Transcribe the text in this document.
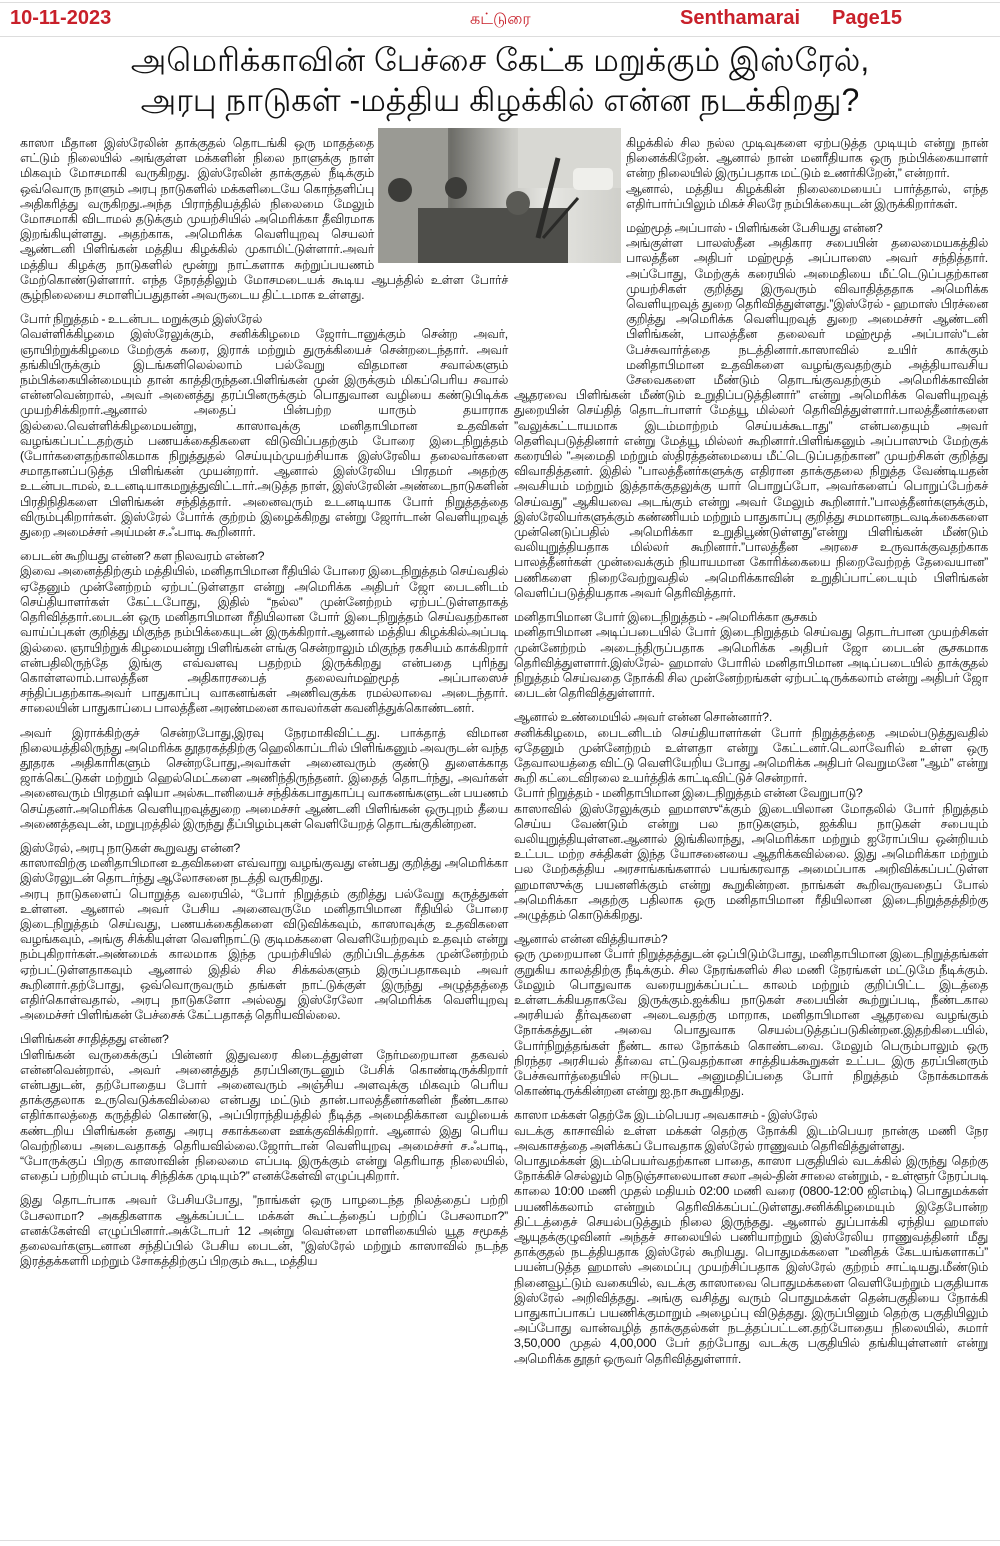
10-11-2023	கட்டுரை	Senthamarai Page15
அமெரிக்காவின் பேச்சை கேட்க மறுக்கும் இஸ்ரேல்,
அரபு நாடுகள் -மத்திய கிழக்கில் என்ன நடக்கிறது?

காஸா மீதான இஸ்ரேலின் தாக்குதல் தொடங்கி ஒரு மாதத்தை எட்டும் நிலையில் அங்குள்ள மக்களின் நிலை நாளுக்கு நாள் மிகவும் மோசமாகி வருகிறது. இஸ்ரேலின் தாக்குதல் நீடிக்கும் ஒவ்வொரு நாளும் அரபு நாடுகளில் மக்களிடையே கொந்தளிப்பு அதிகரித்து வருகிறது.அந்த பிராந்தியத்தில் நிலைமை மேலும் மோசமாகி விடாமல் தடுக்கும் முயற்சியில் அமெரிக்கா தீவிரமாக இறங்கியுள்ளது. அதற்காக, அமெரிக்க வெளியுறவு செயலர் ஆண்டனி பிளிங்கன் மத்திய கிழக்கில் முகாமிட்டுள்ளார்.அவர் மத்திய கிழக்கு நாடுகளில் மூன்று நாட்களாக சுற்றுப்பயணம் மேற்கொண்டுள்ளார். எந்த நேரத்திலும் மோசமடையக் கூடிய ஆபத்தில் உள்ள போர்ச் சூழ்நிலையை சமாளிப்பதுதான் அவருடைய திட்டமாக உள்ளது.

போர் நிறுத்தம் - உடன்பட மறுக்கும் இஸ்ரேல்

வெள்ளிக்கிழமை இஸ்ரேலுக்கும், சனிக்கிழமை ஜோர்டானுக்கும் சென்ற அவர், ஞாயிற்றுக்கிழமை மேற்குக் கரை, இராக் மற்றும் துருக்கியைச் சென்றடைந்தார். அவர் தங்கியிருக்கும் இடங்களிலெல்லாம் பல்வேறு விதமான சவால்களும் நம்பிக்கையின்மையும் தான் காத்திருந்தன.பிளிங்கன் முன் இருக்கும் மிகப்பெரிய சவால் என்னவென்றால், அவர் அனைத்து தரப்பினருக்கும் பொதுவான வழியை கண்டுபிடிக்க முயற்சிக்கிறார்.ஆனால் அதைப் பின்பற்ற யாரும் தயாராக இல்லை.வெள்ளிக்கிழமையன்று, காஸாவுக்கு மனிதாபிமான உதவிகள் வழங்கப்பட்டதற்கும் பணயக்கைதிகளை விடுவிப்பதற்கும் போரை இடைநிறுத்தம் (போர்களைதற்காலிகமாக நிறுத்துதல் செய்யும்முயற்சியாக இஸ்ரேலிய தலைவர்களை சமாதானப்படுத்த பிளிங்கன் முயன்றார். ஆனால் இஸ்ரேலிய பிரதமர் அதற்கு உடன்படாமல், உடனடியாகமறுத்துவிட்டார்.அடுத்த நாள், இஸ்ரேலின் அண்டைநாடுகளின் பிரதிநிதிகளை பிளிங்கன் சந்தித்தார். அனைவரும் உடனடியாக போர் நிறுத்தத்தை விரும்புகிறார்கள். இஸ்ரேல் போர்க் குற்றம் இழைக்கிறது என்று ஜோர்டான் வெளியுறவுத் துறை அமைச்சர் அய்மன் ச.ஃபாடி கூறினார்.

பைடன் கூறியது என்ன? கள நிலவரம் என்ன?

இவை அனைத்திற்கும் மத்தியில், மனிதாபிமான ரீதியில் போரை இடைநிறுத்தம் செய்வதில் ஏதேனும் முன்னேற்றம் ஏற்பட்டுள்ளதா என்று அமெரிக்க அதிபர் ஜோ பைடனிடம் செய்தியாளர்கள் கேட்டபோது, இதில் “நல்ல” முன்னேற்றம் ஏற்பட்டுள்ளதாகத் தெரிவித்தார்.பைடன் ஒரு மனிதாபிமான ரீதியிலான போர் இடைநிறுத்தம் செய்வதற்கான வாய்ப்புகள் குறித்து மிகுந்த நம்பிக்கையுடன் இருக்கிறார்.ஆனால் மத்திய கிழக்கில்அப்படி இல்லை. ஞாயிற்றுக் கிழமையன்று பிளிங்கன் எங்கு சென்றாலும் மிகுந்த ரகசியம் காக்கிறார் என்பதிலிருந்தே இங்கு எவ்வளவு பதற்றம் இருக்கிறது என்பதை புரிந்து கொள்ளலாம்.பாலத்தீன அதிகாரசபைத் தலைவர்மஹ்மூத் அப்பாஸைச் சந்திப்பதற்காகஅவர் பாதுகாப்பு வாகனங்கள் அணிவகுக்க ரமல்லாவை அடைந்தார். சாலையின் பாதுகாப்பை பாலத்தீன அரண்மனை காவலர்கள் கவனித்துக்கொண்டனர்.

அவர் இராக்கிற்குச் சென்றபோது,இரவு நேரமாகிவிட்டது. பாக்தாத் விமான நிலையத்திலிருந்து அமெரிக்க தூதரகத்திற்கு ஹெலிகாப்டரில் பிளிங்கனும் அவருடன் வந்த தூதரக அதிகாரிகளும் சென்றபோது,அவர்கள் அனைவரும் குண்டு துளைக்காத ஜாக்கெட்டுகள் மற்றும் ஹெல்மெட்களை அணிந்திருந்தனர். இதைத் தொடர்ந்து, அவர்கள் அனைவரும் பிரதமர் ஷியா அல்சுடானியைச் சந்திக்கபாதுகாப்பு வாகனங்களுடன் பயணம் செய்தனர்.அமெரிக்க வெளியுறவுத்துறை அமைச்சர் ஆண்டனி பிளிங்கன் ஒருபுறம் தீயை அணைத்தவுடன், மறுபுறத்தில் இருந்து தீப்பிழம்புகள் வெளியேறத் தொடங்குகின்றன.

இஸ்ரேல், அரபு நாடுகள் கூறுவது என்ன?

காஸாவிற்கு மனிதாபிமான உதவிகளை எவ்வாறு வழங்குவது என்பது குறித்து அமெரிக்கா இஸ்ரேலுடன் தொடர்ந்து ஆலோசனை நடத்தி வருகிறது.

அரபு நாடுகளைப் பொறுத்த வரையில், “போர் நிறுத்தம் குறித்து பல்வேறு கருத்துகள் உள்ளன. ஆனால் அவர் பேசிய அனைவருமே மனிதாபிமான ரீதியில் போரை இடைநிறுத்தம் செய்வது, பணயக்கைதிகளை விடுவிக்கவும், காஸாவுக்கு உதவிகளை வழங்கவும், அங்கு சிக்கியுள்ள வெளிநாட்டு குடிமக்களை வெளியேற்றவும் உதவும் என்று நம்புகிறார்கள்.அண்மைக் காலமாக இந்த முயற்சியில் குறிப்பிடத்தக்க முன்னேற்றம் ஏற்பட்டுள்ளதாகவும் ஆனால் இதில் சில சிக்கல்களும் இருப்பதாகவும் அவர் கூறினார்.தற்போது, ஒவ்வொருவரும் தங்கள் நாட்டுக்குள் இருந்து அழுத்தத்தை எதிர்கொள்வதால், அரபு நாடுகளோ அல்லது இஸ்ரேலோ அமெரிக்க வெளியுறவு அமைச்சர் பிளிங்கன் பேச்சைக் கேட்பதாகத் தெரியவில்லை.

பிளிங்கன் சாதித்தது என்ன?

பிளிங்கன் வருகைக்குப் பின்னர் இதுவரை கிடைத்துள்ள நேர்மறையான தகவல் என்னவென்றால், அவர் அனைத்துத் தரப்பினருடனும் பேசிக் கொண்டிருக்கிறார் என்பதுடன், தற்போதைய போர் அனைவரும் அஞ்சிய அளவுக்கு மிகவும் பெரிய தாக்குதலாக உருவெடுக்கவில்லை என்பது மட்டும் தான்.பாலத்தீனர்களின் நீண்டகால எதிர்காலத்தை கருத்தில் கொண்டு, அப்பிராந்தியத்தில் நீடித்த அமைதிக்கான வழியைக் கண்டறிய பிளிங்கன் தனது அரபு சகாக்களை ஊக்குவிக்கிறார். ஆனால் இது பெரிய வெற்றியை அடைவதாகத் தெரியவில்லை.ஜோர்டான் வெளியுறவு அமைச்சர் ச.ஃபாடி, “போருக்குப் பிறகு காஸாவின் நிலைமை எப்படி இருக்கும் என்று தெரியாத நிலையில், எதைப் பற்றியும் எப்படி சிந்திக்க முடியும்?” எனக்கேள்வி எழுப்புகிறார்.

இது தொடர்பாக அவர் பேசியபோது, ”நாங்கள் ஒரு பாழடைந்த நிலத்தைப் பற்றி பேசலாமா? அகதிகளாக ஆக்கப்பட்ட மக்கள் கூட்டத்தைப் பற்றிப் பேசலாமா?” எனக்கேள்வி எழுப்பினார்.அக்டோபர் 12 அன்று வெள்ளை மாளிகையில் யூத சமூகத் தலைவர்களுடனான சந்திப்பில் பேசிய பைடன், ”இஸ்ரேல் மற்றும் காஸாவில் நடந்த இரத்தக்களரி மற்றும் சோகத்திற்குப் பிறகும் கூட, மத்திய

கிழக்கில் சில நல்ல முடிவுகளை ஏற்படுத்த முடியும் என்று நான் நினைக்கிறேன். ஆனால் நான் மனரீதியாக ஒரு நம்பிக்கையாளர் என்ற நிலையில் இருப்பதாக மட்டும் உணர்கிறேன்,” என்றார்.

ஆனால், மத்திய கிழக்கின் நிலைமையைப் பார்த்தால், எந்த எதிர்பார்ப்பிலும் மிகச் சிலரே நம்பிக்கையுடன் இருக்கிறார்கள்.

மஹ்மூத் அப்பாஸ் - பிளிங்கன் பேசியது என்ன?

அங்குள்ள பாலஸ்தீன அதிகார சபையின் தலைமையகத்தில் பாலத்தீன அதிபர் மஹ்மூத் அப்பாஸை அவர் சந்தித்தார். அப்போது, மேற்குக் கரையில் அமைதியை மீட்டெடுப்பதற்கான முயற்சிகள் குறித்து இருவரும் விவாதித்ததாக அமெரிக்க வெளியுறவுத் துறை தெரிவித்துள்ளது.”இஸ்ரேல் - ஹமாஸ் பிரச்னை குறித்து அமெரிக்க வெளியுறவுத் துறை அமைச்சர் ஆண்டனி பிளிங்கன், பாலத்தீன தலைவர் மஹ்மூத் அப்பாஸ்“டன் பேச்சுவார்த்தை நடத்தினார்.காஸாவில் உயிர் காக்கும் மனிதாபிமான உதவிகளை வழங்குவதற்கும் அத்தியாவசிய சேவைகளை மீண்டும் தொடங்குவதற்கும் அமெரிக்காவின் ஆதரவை பிளிங்கன் மீண்டும் உறுதிப்படுத்தினார்” என்று அமெரிக்க வெளியுறவுத் துறையின் செய்தித் தொடர்பாளர் மேத்யூ மில்லர் தெரிவித்துள்ளார்.பாலத்தீனர்களை ”வலுக்கட்டாயமாக இடம்மாற்றம் செய்யக்கூடாது” என்பதையும் அவர் தெளிவுபடுத்தினார் என்று மேத்யூ மில்லர் கூறினார்.பிளிங்கனும் அப்பாஸும் மேற்குக் கரையில் ”அமைதி மற்றும் ஸ்திரத்தன்மையை மீட்டெடுப்பதற்கான” முயற்சிகள் குறித்து விவாதித்தனர். இதில் ”பாலத்தீனர்களுக்கு எதிரான தாக்குதலை நிறுத்த வேண்டியதன் அவசியம் மற்றும் இத்தாக்குதலுக்கு யார் பொறுப்போ, அவர்களைப் பொறுப்பேற்கச் செய்வது” ஆகியவை அடங்கும் என்று அவர் மேலும் கூறினார்.”பாலத்தீனர்களுக்கும், இஸ்ரேலியர்களுக்கும் கண்ணியம் மற்றும் பாதுகாப்பு குறித்து சமமானநடவடிக்கைகளை முன்னெடுப்பதில் அமெரிக்கா உறுதிபூண்டுள்ளது”என்று பிளிங்கன் மீண்டும் வலியுறுத்தியதாக மில்லர் கூறினார்.”பாலத்தீன அரசை உருவாக்குவதற்காக பாலத்தீனர்கள் முன்வைக்கும் நியாயமான கோரிக்கையை நிறைவேற்றத் தேவையான” பணிகளை நிறைவேற்றுவதில் அமெரிக்காவின் உறுதிப்பாட்டையும் பிளிங்கன் வெளிப்படுத்தியதாக அவர் தெரிவித்தார்.

மனிதாபிமான போர் இடைநிறுத்தம் - அமெரிக்கா சூசகம்

மனிதாபிமான அடிப்படையில் போர் இடைநிறுத்தம் செய்வது தொடர்பான முயற்சிகள் முன்னேற்றம் அடைந்திருப்பதாக அமெரிக்க அதிபர் ஜோ பைடன் சூசகமாக தெரிவித்துளளார்.இஸ்ரேல்- ஹமாஸ் போரில் மனிதாபிமான அடிப்படையில் தாக்குதல் நிறுத்தம் செய்வதை நோக்கி சில முன்னேற்றங்கள் ஏற்பட்டிருக்கலாம் என்று அதிபர் ஜோ பைடன் தெரிவித்துள்ளார்.

ஆனால் உண்மையில் அவர் என்ன சொன்னார்?.

சனிக்கிழமை, பைடனிடம் செய்தியாளர்கள் போர் நிறுத்தத்தை அமல்படுத்துவதில் ஏதேனும் முன்னேற்றம் உள்ளதா என்று கேட்டனர்.டெலாவேரில் உள்ள ஒரு தேவாலயத்தை விட்டு வெளியேறிய போது அமெரிக்க அதிபர் வெறுமனே ”ஆம்” என்று கூறி கட்டைவிரலை உயர்த்திக் காட்டிவிட்டுச் சென்றார்.

போர் நிறுத்தம் - மனிதாபிமான இடைநிறுத்தம் என்ன வேறுபாடு?

காஸாவில் இஸ்ரேலுக்கும் ஹமாஸு“க்கும் இடையிலான மோதலில் போர் நிறுத்தம் செய்ய வேண்டும் என்று பல நாடுகளும், ஐக்கிய நாடுகள் சபையும் வலியுறுத்தியுள்ளன.ஆனால் இங்கிலாந்து, அமெரிக்கா மற்றும் ஐரோப்பிய ஒன்றியம் உட்பட மற்ற சக்திகள் இந்த யோசனையை ஆதரிக்கவில்லை. இது அமெரிக்கா மற்றும் பல மேற்கத்திய அரசாங்கங்களால் பயங்கரவாத அமைப்பாக அறிவிக்கப்பட்டுள்ள ஹமாஸுக்கு பயனளிக்கும் என்று கூறுகின்றன. நாங்கள் கூறிவருவதைப் போல் அமெரிக்கா அதற்கு பதிலாக ஒரு மனிதாபிமான ரீதியிலான இடைநிறுத்தத்திற்கு அழுத்தம் கொடுக்கிறது.

ஆனால் என்ன வித்தியாசம்?

ஒரு முறையான போர் நிறுத்தத்துடன் ஒப்பிடும்போது, மனிதாபிமான இடைநிறுத்தங்கள் குறுகிய காலத்திற்கு நீடிக்கும். சில நேரங்களில் சில மணி நேரங்கள் மட்டுமே நீடிக்கும். மேலும் பொதுவாக வரையறுக்கப்பட்ட காலம் மற்றும் குறிப்பிட்ட இடத்தை உள்ளடக்கியதாகவே இருக்கும்.ஐக்கிய நாடுகள் சபையின் கூற்றுப்படி, நீண்டகால அரசியல் தீர்வுகளை அடைவதற்கு மாறாக, மனிதாபிமான ஆதரவை வழங்கும் நோக்கத்துடன் அவை பொதுவாக செயல்படுத்தப்படுகின்றன.இதற்கிடையில், போர்நிறுத்தங்கள் நீண்ட கால நோக்கம் கொண்டவை. மேலும் பெரும்பாலும் ஒரு நிரந்தர அரசியல் தீர்வை எட்டுவதற்கான சாத்தியக்கூறுகள் உட்பட இரு தரப்பினரும் பேச்சுவார்த்தையில் ஈடுபட அனுமதிப்பதை போர் நிறுத்தம் நோக்கமாகக் கொண்டிருக்கின்றன என்று ஐ.நா கூறுகிறது.

காஸா மக்கள் தெற்கே இடம்பெயர அவகாசம் - இஸ்ரேல்

வடக்கு காசாவில் உள்ள மக்கள் தெற்கு நோக்கி இடம்பெயர நான்கு மணி நேர அவகாசத்தை அளிக்கப் போவதாக இஸ்ரேல் ராணுவம் தெரிவித்துள்ளது.

பொதுமக்கள் இடம்பெயர்வதற்கான பாதை, காஸா பகுதியில் வடக்கில் இருந்து தெற்கு நோக்கிச் செல்லும் நெடுஞ்சாலையான சலா அல்-தின் சாலை என்றும், - உள்ளூர் நேரப்படி காலை 10:00 மணி முதல் மதியம் 02:00 மணி வரை (0800-12:00 ஜிஎம்டி) பொதுமக்கள் பயணிக்கலாம் என்றும் தெரிவிக்கப்பட்டுள்ளது.சனிக்கிழமையும் இதேபோன்ற திட்டத்தைச் செயல்படுத்தும் நிலை இருந்தது. ஆனால் துப்பாக்கி ஏந்திய ஹமாஸ் ஆயுதக்குழுவினர் அந்தச் சாலையில் பணியாற்றும் இஸ்ரேலிய ராணுவத்தினர் மீது தாக்குதல் நடத்தியதாக இஸ்ரேல் கூறியது. பொதுமக்களை ”மனிதக் கேடயங்களாகப்” பயன்படுத்த ஹமாஸ் அமைப்பு முயற்சிப்பதாக இஸ்ரேல் குற்றம் சாட்டியது.மீண்டும் நினைவூட்டும் வகையில், வடக்கு காஸாவை பொதுமக்களை வெளியேற்றும் பகுதியாக இஸ்ரேல் அறிவித்தது. அங்கு வசித்து வரும் பொதுமக்கள் தென்பகுதியை நோக்கி பாதுகாப்பாகப் பயணிக்குமாறும் அழைப்பு விடுத்தது. இருப்பினும் தெற்கு பகுதியிலும் அப்போது வான்வழித் தாக்குதல்கள் நடத்தப்பட்டன.தற்போதைய நிலையில், சுமார் 3,50,000 முதல் 4,00,000 பேர் தற்போது வடக்கு பகுதியில் தங்கியுள்ளனர் என்று அமெரிக்க தூதர் ஒருவர் தெரிவித்துள்ளார்.
